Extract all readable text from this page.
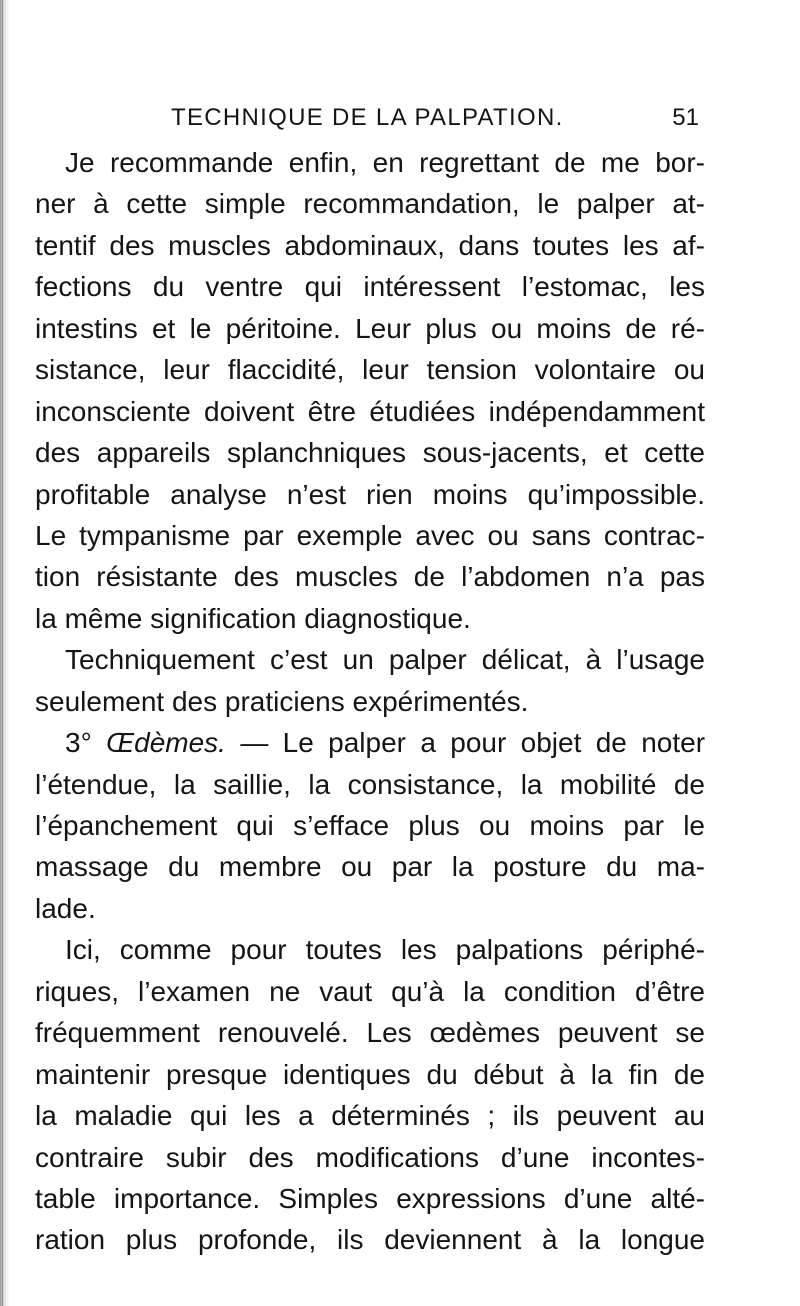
TECHNIQUE DE LA PALPATION.	51
Je recommande enfin, en regrettant de me bor-
ner à cette simple recommandation, le palper at-
tentif des muscles abdominaux, dans toutes les af-
fections du ventre qui intéressent l’estomac, les
intestins et le péritoine. Leur plus ou moins de ré-
sistance, leur flaccidité, leur tension volontaire ou
inconsciente doivent être étudiées indépendamment
des appareils splanchniques sous-jacents, et cette
profitable analyse n’est rien moins qu’impossible.
Le tympanisme par exemple avec ou sans contrac-
tion résistante des muscles de l’abdomen n’a pas
la même signification diagnostique.
Techniquement c’est un palper délicat, à l’usage
seulement des praticiens expérimentés.
3° Œdèmes. — Le palper a pour objet de noter
l’étendue, la saillie, la consistance, la mobilité de
l’épanchement qui s’efface plus ou moins par le
massage du membre ou par la posture du ma-
lade.
Ici, comme pour toutes les palpations périphé-
riques, l’examen ne vaut qu’à la condition d’être
fréquemment renouvelé. Les œdèmes peuvent se
maintenir presque identiques du début à la fin de
la maladie qui les a déterminés ; ils peuvent au
contraire subir des modifications d’une incontes-
table importance. Simples expressions d’une alté-
ration plus profonde, ils deviennent à la longue
